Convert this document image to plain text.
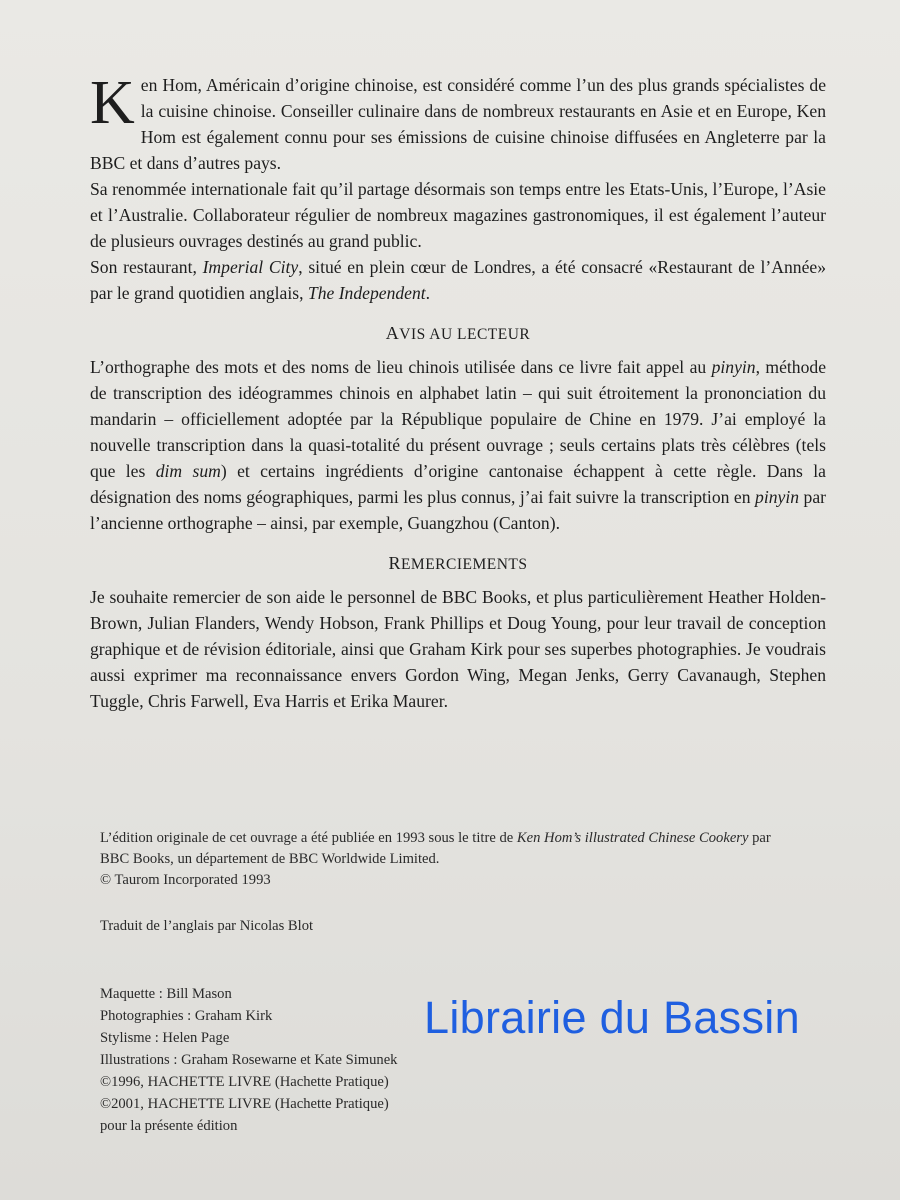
Ken Hom, Américain d’origine chinoise, est considéré comme l’un des plus grands spécialistes de la cuisine chinoise. Conseiller culinaire dans de nombreux restaurants en Asie et en Europe, Ken Hom est également connu pour ses émissions de cuisine chinoise diffusées en Angleterre par la BBC et dans d’autres pays.

Sa renommée internationale fait qu’il partage désormais son temps entre les Etats-Unis, l’Europe, l’Asie et l’Australie. Collaborateur régulier de nombreux magazines gastronomiques, il est également l’auteur de plusieurs ouvrages destinés au grand public.

Son restaurant, Imperial City, situé en plein cœur de Londres, a été consacré «Restaurant de l’Année» par le grand quotidien anglais, The Independent.

AVIS AU LECTEUR

L’orthographe des mots et des noms de lieu chinois utilisée dans ce livre fait appel au pinyin, méthode de transcription des idéogrammes chinois en alphabet latin – qui suit étroitement la prononciation du mandarin – officiellement adoptée par la République populaire de Chine en 1979. J’ai employé la nouvelle transcription dans la quasi-totalité du présent ouvrage ; seuls certains plats très célèbres (tels que les dim sum) et certains ingrédients d’origine cantonaise échappent à cette règle. Dans la désignation des noms géographiques, parmi les plus connus, j’ai fait suivre la transcription en pinyin par l’ancienne orthographe – ainsi, par exemple, Guangzhou (Canton).

REMERCIEMENTS

Je souhaite remercier de son aide le personnel de BBC Books, et plus particulièrement Heather Holden-Brown, Julian Flanders, Wendy Hobson, Frank Phillips et Doug Young, pour leur travail de conception graphique et de révision éditoriale, ainsi que Graham Kirk pour ses superbes photographies. Je voudrais aussi exprimer ma reconnaissance envers Gordon Wing, Megan Jenks, Gerry Cavanaugh, Stephen Tuggle, Chris Farwell, Eva Harris et Erika Maurer.

L’édition originale de cet ouvrage a été publiée en 1993 sous le titre de Ken Hom’s illustrated Chinese Cookery par BBC Books, un département de BBC Worldwide Limited.

© Taurom Incorporated 1993

Traduit de l’anglais par Nicolas Blot

Maquette : Bill Mason

Photographies : Graham Kirk

Stylisme : Helen Page

Illustrations : Graham Rosewarne et Kate Simunek

©1996, HACHETTE LIVRE (Hachette Pratique)

©2001, HACHETTE LIVRE (Hachette Pratique)

pour la présente édition

Librairie du Bassin
